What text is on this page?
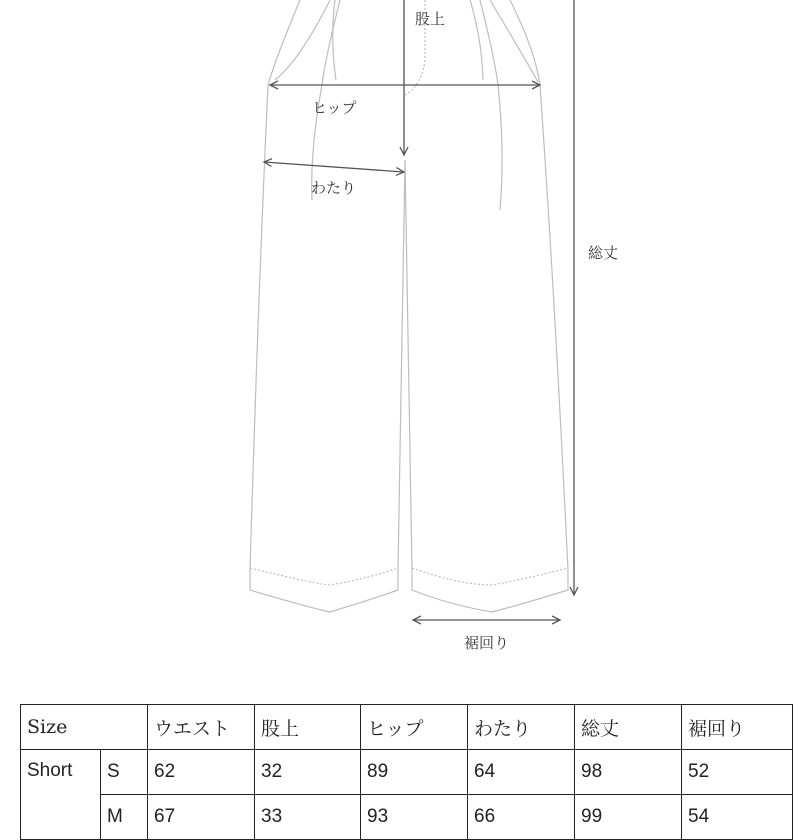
股上
ヒップ
わたり
総丈
裾回り
Size		ウエスト	股上	ヒップ	わたり	総丈	裾回り
Short	S	62	32	89	64	98	52
	M	67	33	93	66	99	54
